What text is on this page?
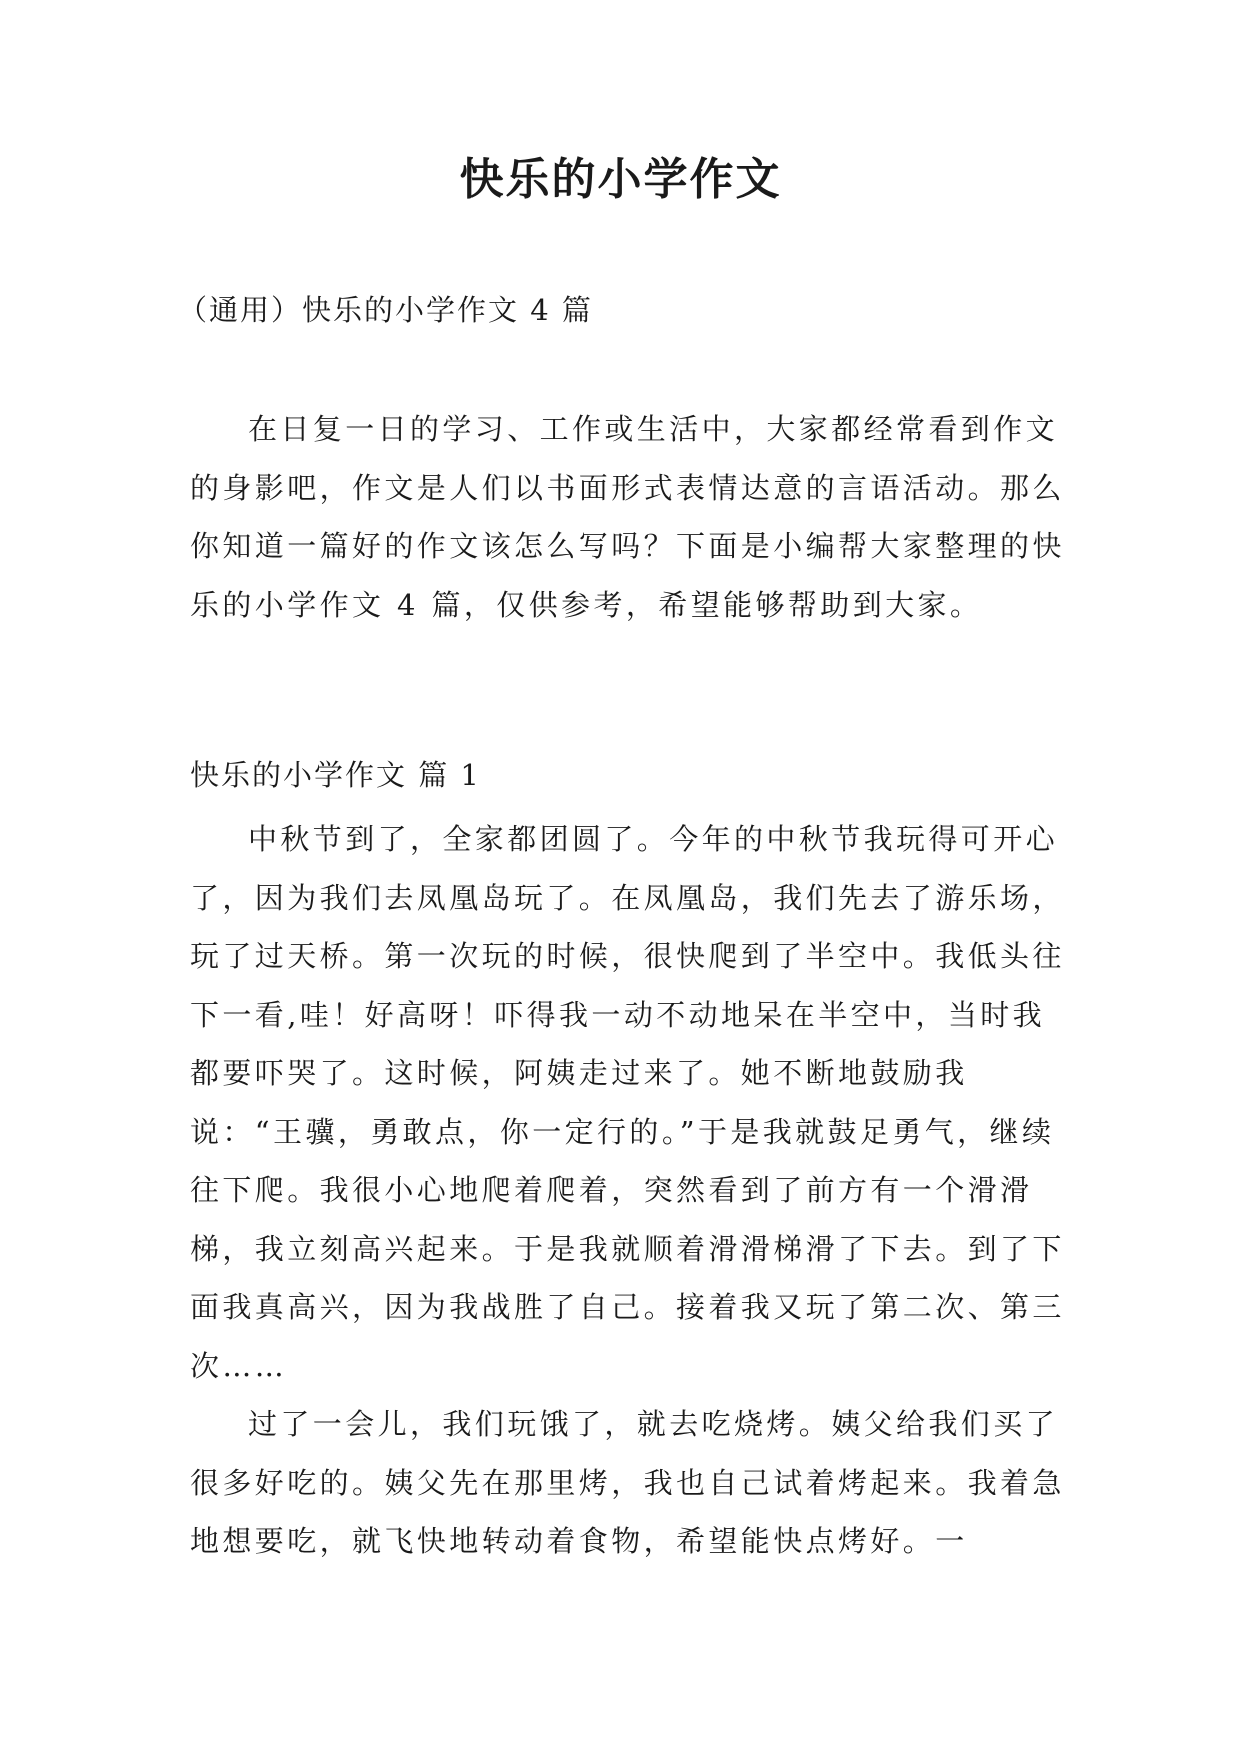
快乐的小学作文
（通用）快乐的小学作文 4 篇

在日复一日的学习、工作或生活中，大家都经常看到作文的身影吧，作文是人们以书面形式表情达意的言语活动。那么你知道一篇好的作文该怎么写吗？下面是小编帮大家整理的快乐的小学作文 4 篇，仅供参考，希望能够帮助到大家。

快乐的小学作文 篇 1

中秋节到了，全家都团圆了。今年的中秋节我玩得可开心了，因为我们去凤凰岛玩了。在凤凰岛，我们先去了游乐场，玩了过天桥。第一次玩的时候，很快爬到了半空中。我低头往下一看,哇！好高呀！吓得我一动不动地呆在半空中，当时我都要吓哭了。这时候，阿姨走过来了。她不断地鼓励我说：“王骥，勇敢点，你一定行的。”于是我就鼓足勇气，继续往下爬。我很小心地爬着爬着，突然看到了前方有一个滑滑梯，我立刻高兴起来。于是我就顺着滑滑梯滑了下去。到了下面我真高兴，因为我战胜了自己。接着我又玩了第二次、第三次……

过了一会儿，我们玩饿了，就去吃烧烤。姨父给我们买了很多好吃的。姨父先在那里烤，我也自己试着烤起来。我着急地想要吃，就飞快地转动着食物，希望能快点烤好。一
